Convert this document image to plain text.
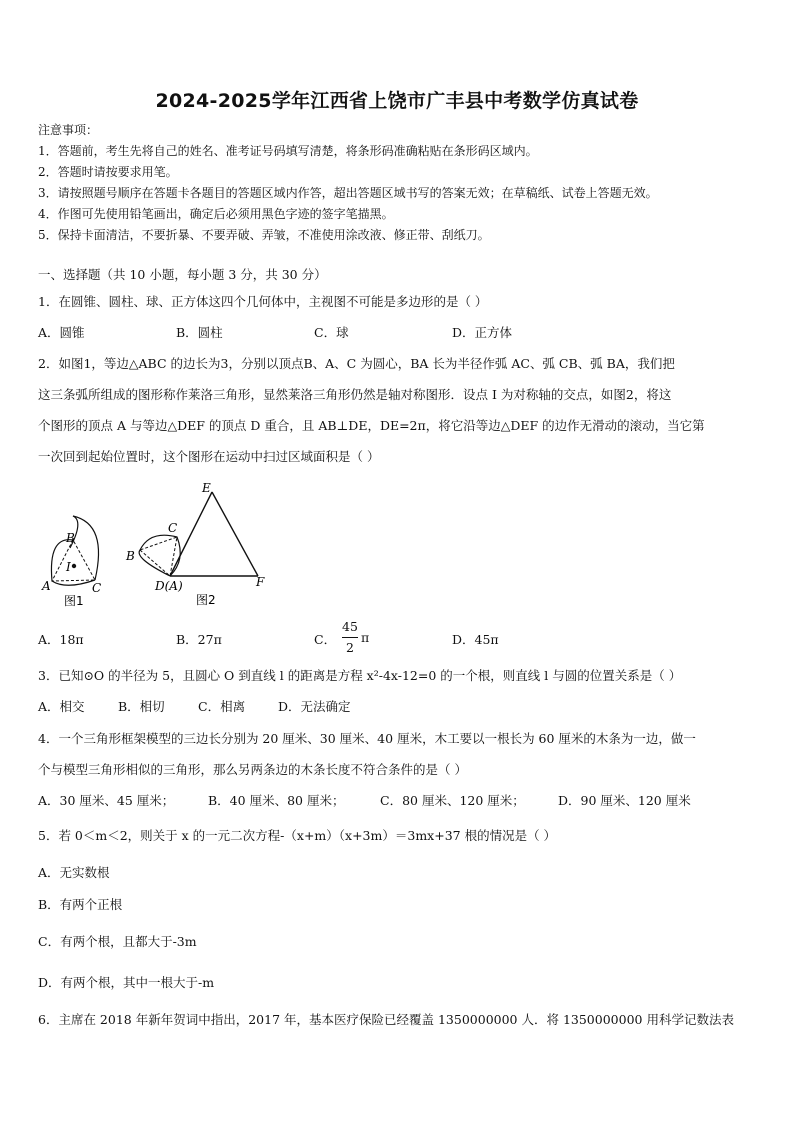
2024-2025学年江西省上饶市广丰县中考数学仿真试卷
注意事项：
1．答题前，考生先将自己的姓名、准考证号码填写清楚，将条形码准确粘贴在条形码区域内。
2．答题时请按要求用笔。
3．请按照题号顺序在答题卡各题目的答题区域内作答，超出答题区域书写的答案无效；在草稿纸、试卷上答题无效。
4．作图可先使用铅笔画出，确定后必须用黑色字迹的签字笔描黑。
5．保持卡面清洁，不要折暴、不要弄破、弄皱，不准使用涂改液、修正带、刮纸刀。
一、选择题（共 10 小题，每小题 3 分，共 30 分）
1．在圆锥、圆柱、球、正方体这四个几何体中，主视图不可能是多边形的是（ ）
A．圆锥	B．圆柱	C．球	D．正方体
2．如图1，等边△ABC 的边长为3，分别以顶点B、A、C 为圆心，BA 长为半径作弧 AC、弧 CB、弧 BA，我们把
这三条弧所组成的图形称作莱洛三角形，显然莱洛三角形仍然是轴对称图形．设点 I 为对称轴的交点，如图2，将这
个图形的顶点 A 与等边△DEF 的顶点 D 重合，且 AB⊥DE，DE=2π，将它沿等边△DEF 的边作无滑动的滚动，当它第
一次回到起始位置时，这个图形在运动中扫过区域面积是（ ）
B
A	C
I
图1
E
C
B
D(A)	F
图2
A．18π	B．27π	C．
45
2
π	D．45π
3．已知⊙O 的半径为 5，且圆心 O 到直线 l 的距离是方程 x²-4x-12=0 的一个根，则直线 l 与圆的位置关系是（ ）
A．相交	B．相切	C．相离	D．无法确定
4．一个三角形框架模型的三边长分别为 20 厘米、30 厘米、40 厘米，木工要以一根长为 60 厘米的木条为一边，做一
个与模型三角形相似的三角形，那么另两条边的木条长度不符合条件的是（ ）
A．30 厘米、45 厘米；	B．40 厘米、80 厘米；	C．80 厘米、120 厘米；	D．90 厘米、120 厘米
5．若 0＜m＜2，则关于 x 的一元二次方程-（x+m）（x+3m）＝3mx+37 根的情况是（ ）
A．无实数根
B．有两个正根
C．有两个根，且都大于-3m
D．有两个根，其中一根大于-m
6．主席在 2018 年新年贺词中指出，2017 年，基本医疗保险已经覆盖 1350000000 人．将 1350000000 用科学记数法表
